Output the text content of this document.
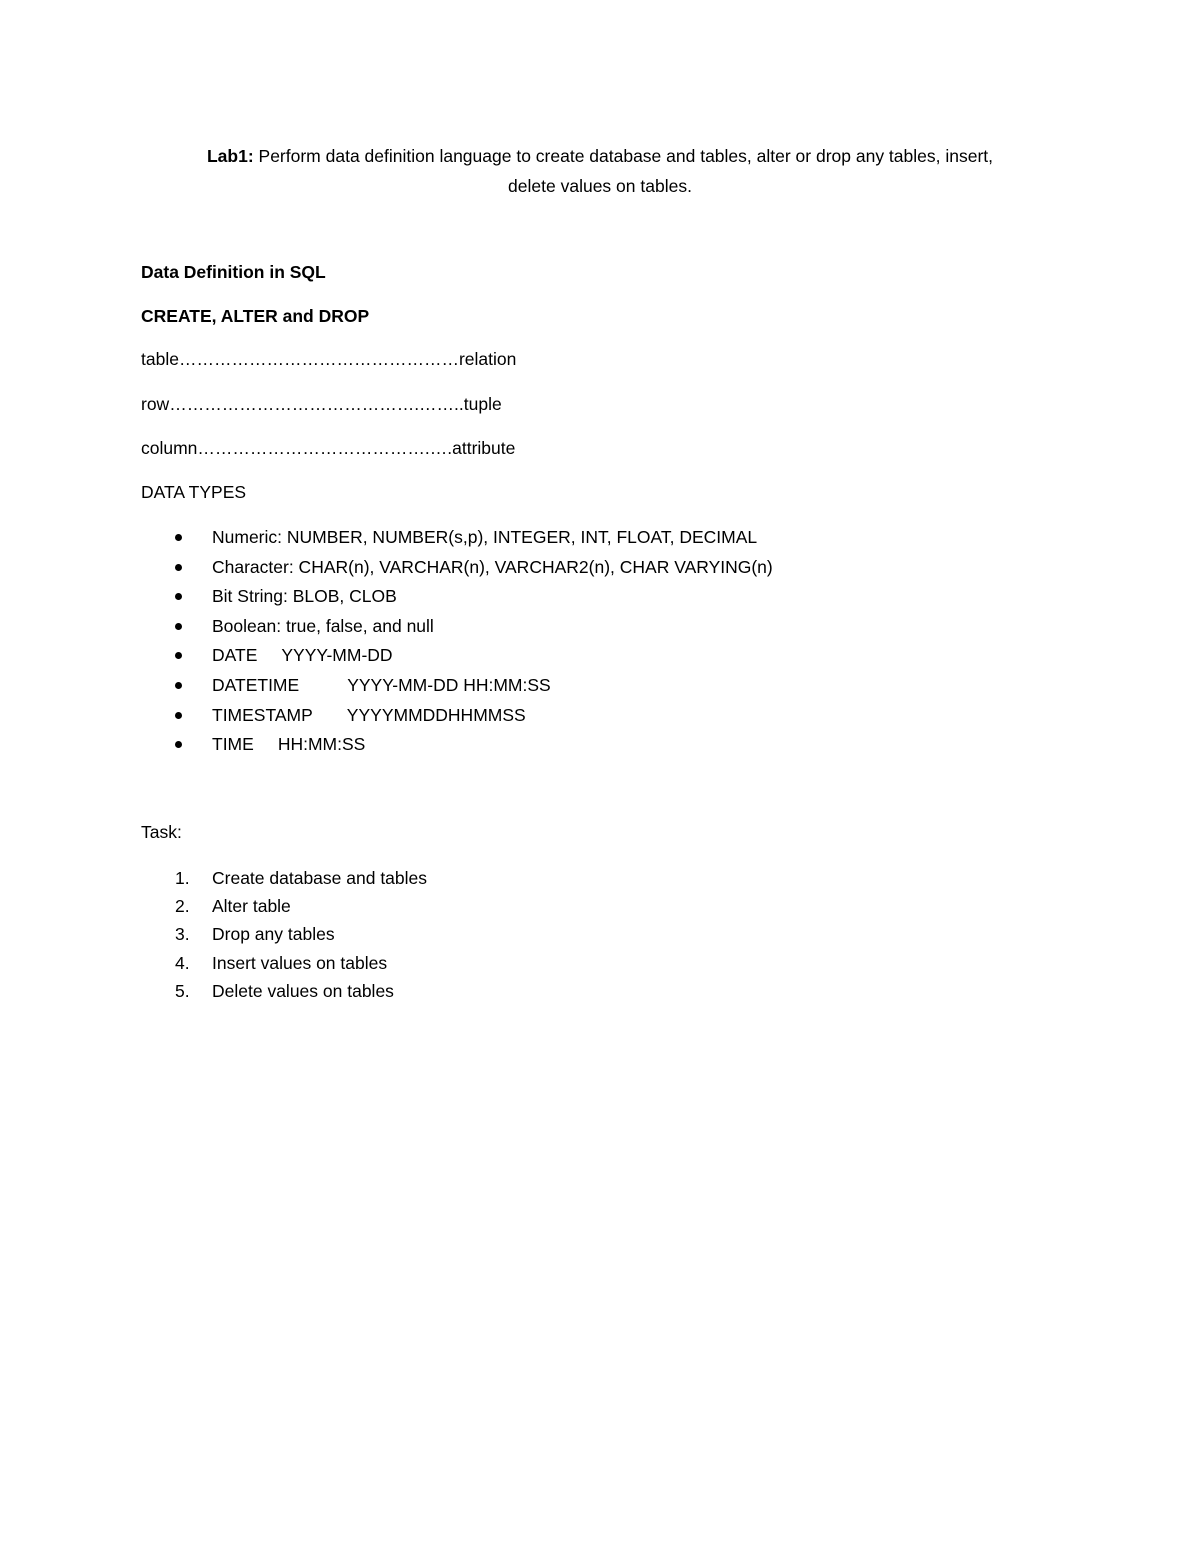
Lab1: Perform data definition language to create database and tables, alter or drop any tables, insert,
delete values on tables.
Data Definition in SQL
CREATE, ALTER and DROP
table…………………………………………relation
row…………………………………….……..tuple
column………………………………….….attribute
DATA TYPES
Numeric: NUMBER, NUMBER(s,p), INTEGER, INT, FLOAT, DECIMAL
Character: CHAR(n), VARCHAR(n), VARCHAR2(n), CHAR VARYING(n)
Bit String: BLOB, CLOB
Boolean: true, false, and null
DATE YYYY-MM-DD
DATETIME	YYYY-MM-DD HH:MM:SS
TIMESTAMP YYYYMMDDHHMMSS
TIME HH:MM:SS
Task:
1. Create database and tables
2. Alter table
3. Drop any tables
4. Insert values on tables
5. Delete values on tables
